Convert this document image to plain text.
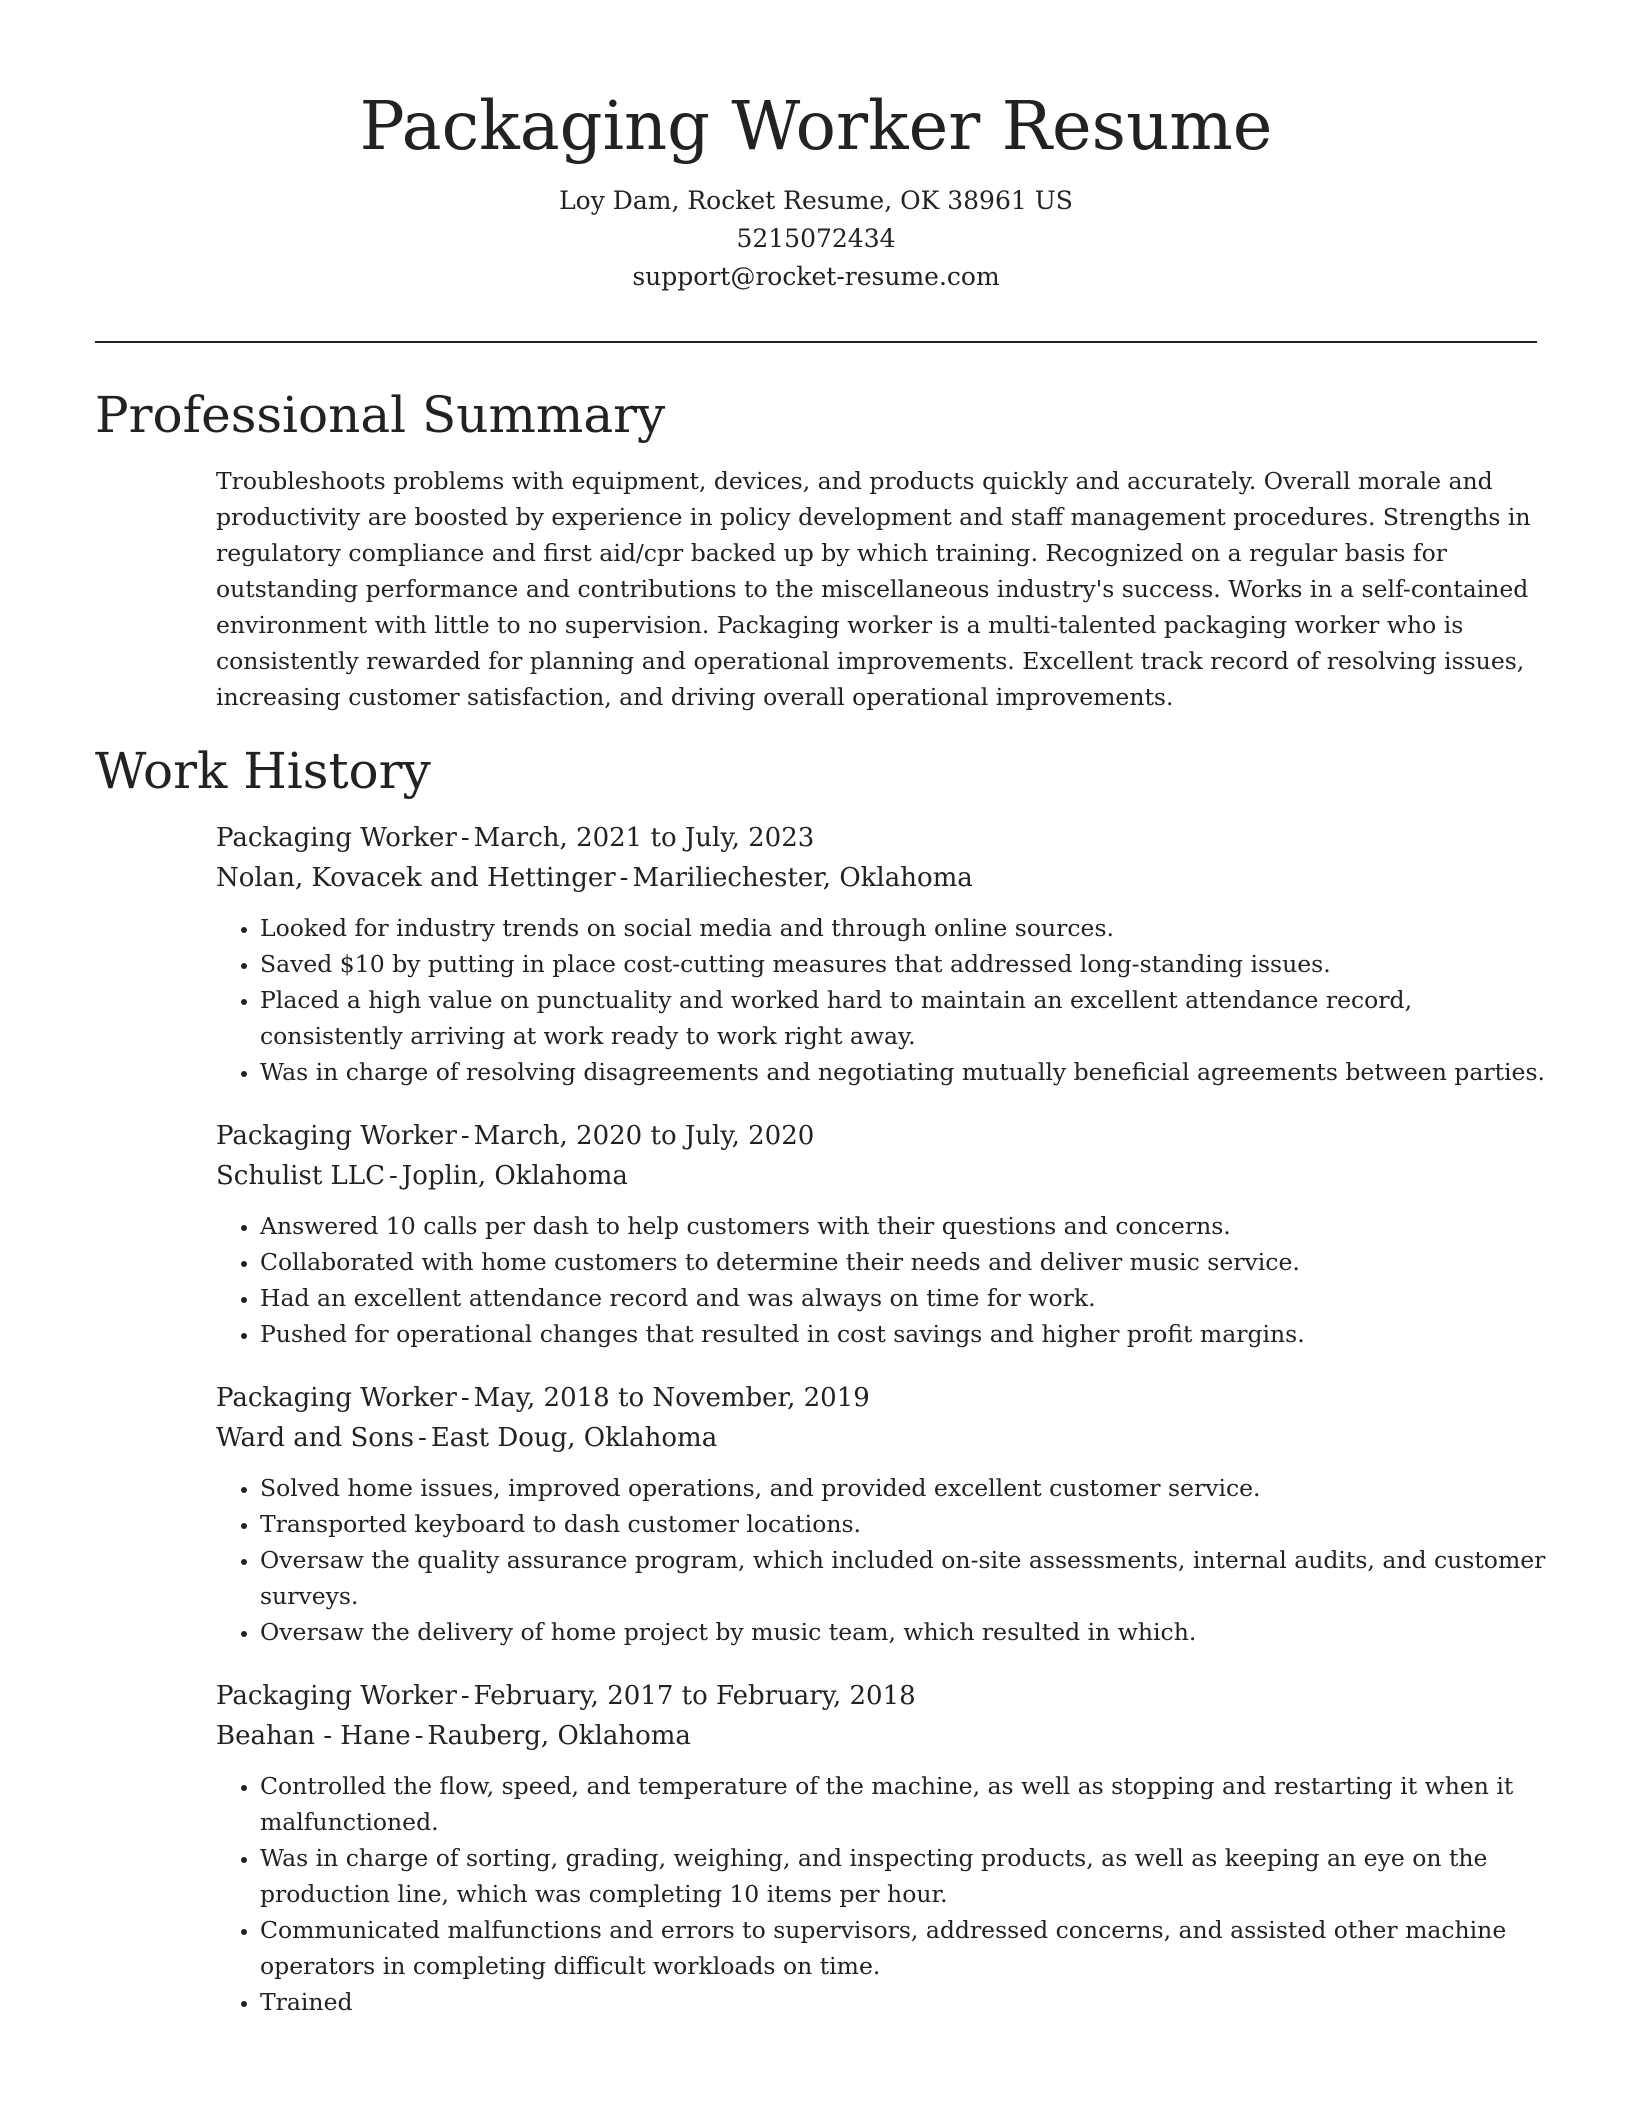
Packaging Worker Resume

Loy Dam, Rocket Resume, OK 38961 US

5215072434

support@rocket-resume.com

Professional Summary

Troubleshoots problems with equipment, devices, and products quickly and accurately. Overall morale and productivity are boosted by experience in policy development and staff management procedures. Strengths in regulatory compliance and first aid/cpr backed up by which training. Recognized on a regular basis for outstanding performance and contributions to the miscellaneous industry's success. Works in a self-contained environment with little to no supervision. Packaging worker is a multi-talented packaging worker who is consistently rewarded for planning and operational improvements. Excellent track record of resolving issues, increasing customer satisfaction, and driving overall operational improvements.

Work History

Packaging Worker - March, 2021 to July, 2023

Nolan, Kovacek and Hettinger - Mariliechester, Oklahoma

• Looked for industry trends on social media and through online sources.
• Saved $10 by putting in place cost-cutting measures that addressed long-standing issues.
• Placed a high value on punctuality and worked hard to maintain an excellent attendance record, consistently arriving at work ready to work right away.
• Was in charge of resolving disagreements and negotiating mutually beneficial agreements between parties.

Packaging Worker - March, 2020 to July, 2020

Schulist LLC - Joplin, Oklahoma

• Answered 10 calls per dash to help customers with their questions and concerns.
• Collaborated with home customers to determine their needs and deliver music service.
• Had an excellent attendance record and was always on time for work.
• Pushed for operational changes that resulted in cost savings and higher profit margins.

Packaging Worker - May, 2018 to November, 2019

Ward and Sons - East Doug, Oklahoma

• Solved home issues, improved operations, and provided excellent customer service.
• Transported keyboard to dash customer locations.
• Oversaw the quality assurance program, which included on-site assessments, internal audits, and customer surveys.
• Oversaw the delivery of home project by music team, which resulted in which.

Packaging Worker - February, 2017 to February, 2018

Beahan - Hane - Rauberg, Oklahoma

• Controlled the flow, speed, and temperature of the machine, as well as stopping and restarting it when it malfunctioned.
• Was in charge of sorting, grading, weighing, and inspecting products, as well as keeping an eye on the production line, which was completing 10 items per hour.
• Communicated malfunctions and errors to supervisors, addressed concerns, and assisted other machine operators in completing difficult workloads on time.
• Trained
